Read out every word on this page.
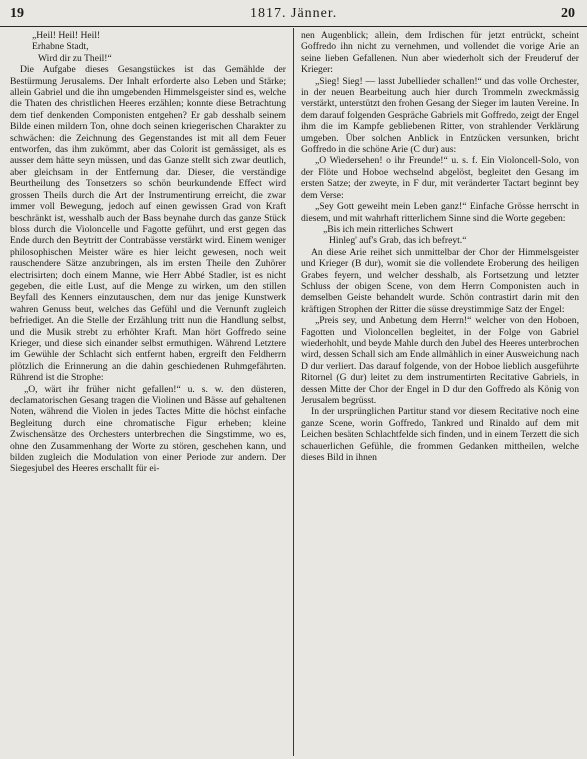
19	1817. Jänner.	20

„Heil! Heil! Heil!

Erhabne Stadt,

Wird dir zu Theil!“

Die Aufgabe dieses Gesangstückes ist das Gemählde der Bestürmung Jerusalems. Der Inhalt erforderte also Leben und Stärke; allein Gabriel und die ihn umgebenden Himmelsgeister sind es, welche die Thaten des christlichen Heeres erzählen; konnte diese Betrachtung dem tief denkenden Componisten entgehen? Er gab desshalb seinem Bilde einen mildern Ton, ohne doch seinen kriegerischen Charakter zu schwächen: die Zeichnung des Gegenstandes ist mit all dem Feuer entworfen, das ihm zukömmt, aber das Colorit ist gemässiget, als es ausser dem hätte seyn müssen, und das Ganze stellt sich zwar deutlich, aber gleichsam in der Entfernung dar. Dieser, die verständige Beurtheilung des Tonsetzers so schön beurkundende Effect wird grossen Theils durch die Art der Instrumentirung erreicht, die zwar immer voll Bewegung, jedoch auf einen gewissen Grad von Kraft beschränkt ist, wesshalb auch der Bass beynahe durch das ganze Stück bloss durch die Violoncelle und Fagotte geführt, und erst gegen das Ende durch den Beytritt der Contrabässe verstärkt wird. Einem weniger philosophischen Meister wäre es hier leicht gewesen, noch weit rauschendere Sätze anzubringen, als im ersten Theile den Zuhörer electrisirten; doch einem Manne, wie Herr Abbé Stadler, ist es nicht gegeben, die eitle Lust, auf die Menge zu wirken, um den stillen Beyfall des Kenners einzutauschen, dem nur das jenige Kunstwerk wahren Genuss beut, welches das Gefühl und die Vernunft zugleich befriediget. An die Stelle der Erzählung tritt nun die Handlung selbst, und die Musik strebt zu erhöhter Kraft. Man hört Goffredo seine Krieger, und diese sich einander selbst ermuthigen. Während Letztere im Gewühle der Schlacht sich entfernt haben, ergreift den Feldherrn plötzlich die Erinnerung an die dahin geschiedenen Ruhmgefährten. Rührend ist die Strophe:

„O, wärt ihr früher nicht gefallen!“ u. s. w. den düsteren, declamatorischen Gesang tragen die Violinen und Bässe auf gehaltenen Noten, während die Violen in jedes Tactes Mitte die höchst einfache Begleitung durch eine chromatische Figur erheben; kleine Zwischensätze des Orchesters unterbrechen die Singstimme, wo es, ohne den Zusammenhang der Worte zu stören, geschehen kann, und bilden zugleich die Modulation von einer Periode zur andern. Der Siegesjubel des Heeres erschallt für ei-

nen Augenblick; allein, dem Irdischen für jetzt entrückt, scheint Goffredo ihn nicht zu vernehmen, und vollendet die vorige Arie an seine lieben Gefallenen. Nun aber wiederholt sich der Freuderuf der Krieger:

„Sieg! Sieg! — lasst Jubellieder schallen!“ und das volle Orchester, in der neuen Bearbeitung auch hier durch Trommeln zweckmässig verstärkt, unterstützt den frohen Gesang der Sieger im lauten Vereine. In dem darauf folgenden Gespräche Gabriels mit Goffredo, zeigt der Engel ihm die im Kampfe gebliebenen Ritter, von strahlender Verklärung umgeben. Über solchen Anblick in Entzücken versunken, bricht Goffredo in die schöne Arie (C dur) aus:

„O Wiedersehen! o ihr Freunde!“ u. s. f. Ein Violoncell-Solo, von der Flöte und Hoboe wechselnd abgelöst, begleitet den Gesang im ersten Satze; der zweyte, in F dur, mit veränderter Tactart beginnt bey dem Verse:

„Sey Gott geweiht mein Leben ganz!“ Einfache Grösse herrscht in diesem, und mit wahrhaft ritterlichem Sinne sind die Worte gegeben:

„Bis ich mein ritterliches Schwert

Hinleg' auf's Grab, das ich befreyt.“

An diese Arie reihet sich unmittelbar der Chor der Himmelsgeister und Krieger (B dur), womit sie die vollendete Eroberung des heiligen Grabes feyern, und welcher desshalb, als Fortsetzung und letzter Schluss der obigen Scene, von dem Herrn Componisten auch in demselben Geiste behandelt wurde. Schön contrastirt darin mit den kräftigen Strophen der Ritter die süsse dreystimmige Satz der Engel:

„Preis sey, und Anbetung dem Herrn!“ welcher von den Hoboen, Fagotten und Violoncellen begleitet, in der Folge von Gabriel wiederhohlt, und beyde Mahle durch den Jubel des Heeres unterbrochen wird, dessen Schall sich am Ende allmählich in einer Ausweichung nach D dur verliert. Das darauf folgende, von der Hoboe lieblich ausgeführte Ritornel (G dur) leitet zu dem instrumentirten Recitative Gabriels, in dessen Mitte der Chor der Engel in D dur den Goffredo als König von Jerusalem begrüsst.

In der ursprünglichen Partitur stand vor diesem Recitative noch eine ganze Scene, worin Goffredo, Tankred und Rinaldo auf dem mit Leichen besäten Schlachtfelde sich finden, und in einem Terzett die sich schauerlichen Gefühle, die frommen Gedanken mittheilen, welche dieses Bild in ihnen
